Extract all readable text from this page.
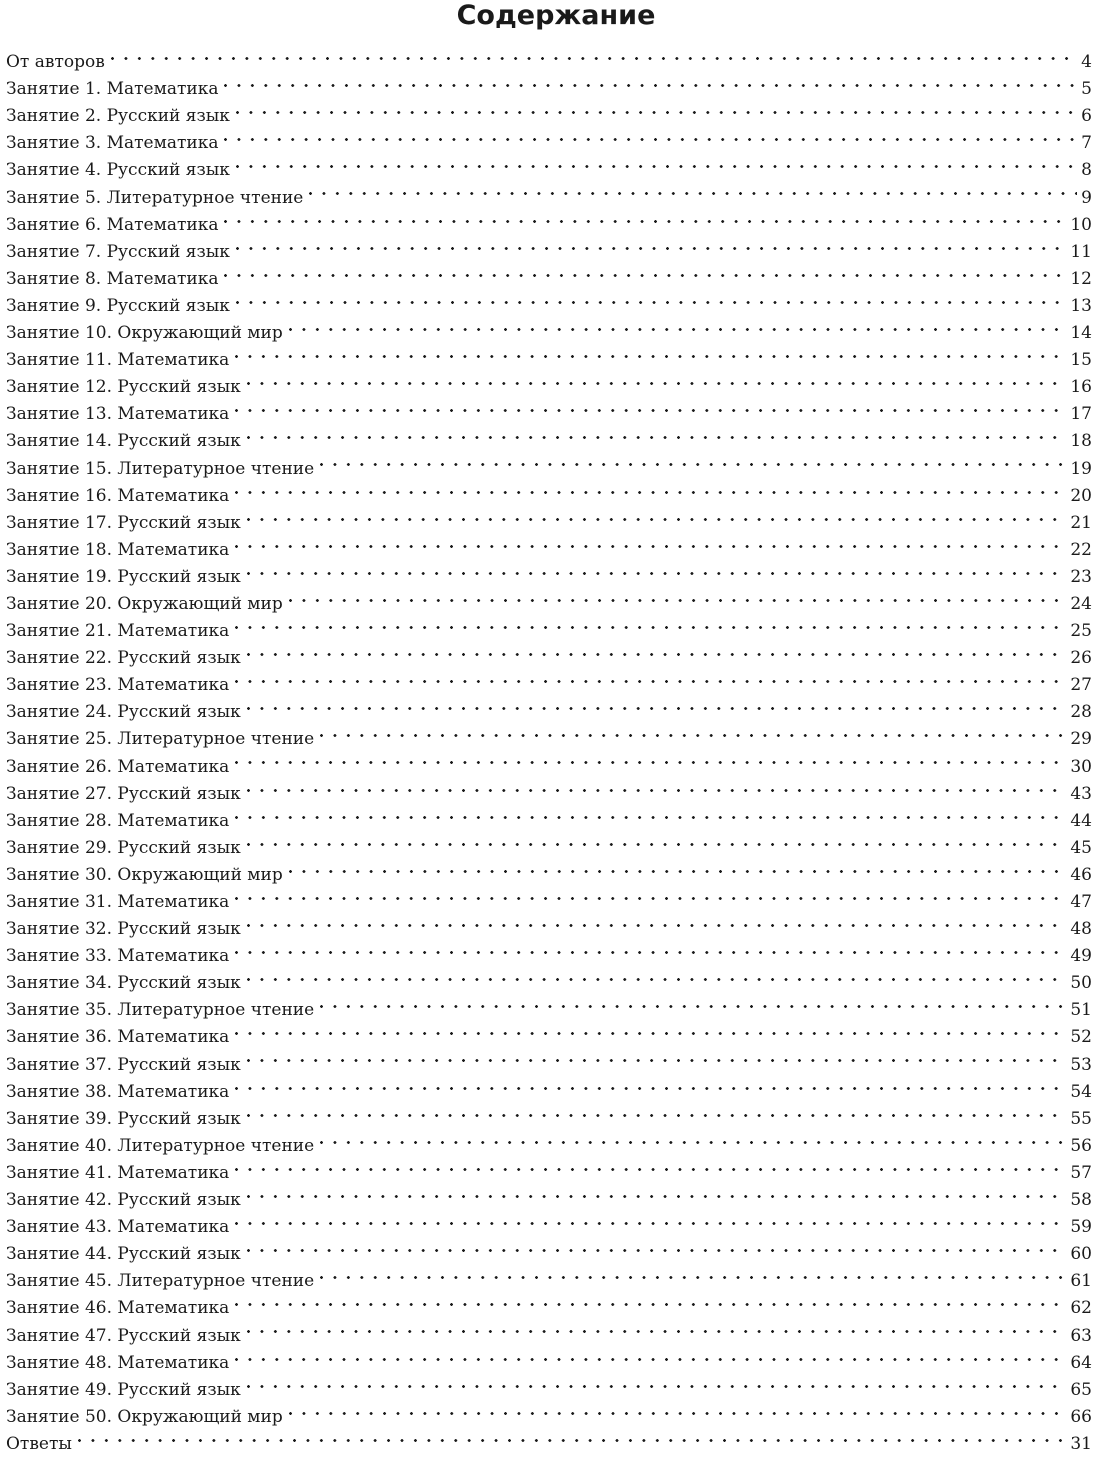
Содержание
От авторов	4
Занятие 1. Математика	5
Занятие 2. Русский язык	6
Занятие 3. Математика	7
Занятие 4. Русский язык	8
Занятие 5. Литературное чтение	9
Занятие 6. Математика	10
Занятие 7. Русский язык	11
Занятие 8. Математика	12
Занятие 9. Русский язык	13
Занятие 10. Окружающий мир	14
Занятие 11. Математика	15
Занятие 12. Русский язык	16
Занятие 13. Математика	17
Занятие 14. Русский язык	18
Занятие 15. Литературное чтение	19
Занятие 16. Математика	20
Занятие 17. Русский язык	21
Занятие 18. Математика	22
Занятие 19. Русский язык	23
Занятие 20. Окружающий мир	24
Занятие 21. Математика	25
Занятие 22. Русский язык	26
Занятие 23. Математика	27
Занятие 24. Русский язык	28
Занятие 25. Литературное чтение	29
Занятие 26. Математика	30
Занятие 27. Русский язык	43
Занятие 28. Математика	44
Занятие 29. Русский язык	45
Занятие 30. Окружающий мир	46
Занятие 31. Математика	47
Занятие 32. Русский язык	48
Занятие 33. Математика	49
Занятие 34. Русский язык	50
Занятие 35. Литературное чтение	51
Занятие 36. Математика	52
Занятие 37. Русский язык	53
Занятие 38. Математика	54
Занятие 39. Русский язык	55
Занятие 40. Литературное чтение	56
Занятие 41. Математика	57
Занятие 42. Русский язык	58
Занятие 43. Математика	59
Занятие 44. Русский язык	60
Занятие 45. Литературное чтение	61
Занятие 46. Математика	62
Занятие 47. Русский язык	63
Занятие 48. Математика	64
Занятие 49. Русский язык	65
Занятие 50. Окружающий мир	66
Ответы	31
